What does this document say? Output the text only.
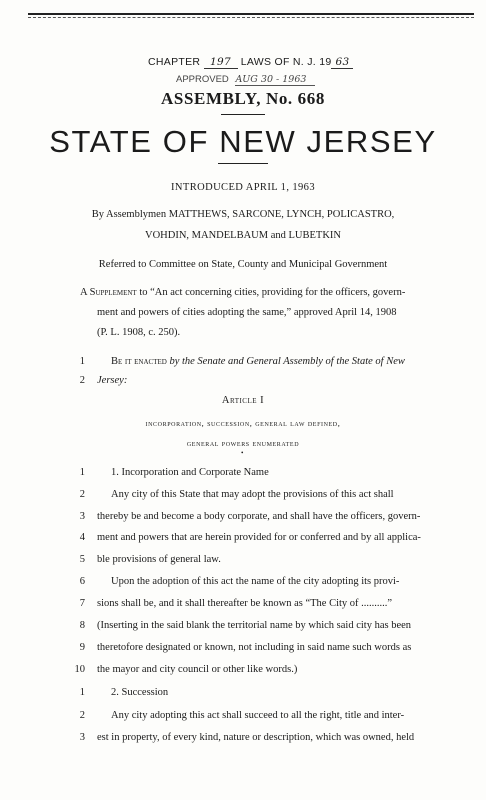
CHAPTER 197 LAWS OF N. J. 19 63
APPROVED AUG 30 - 1963
ASSEMBLY, No. 668
STATE OF NEW JERSEY
INTRODUCED APRIL 1, 1963
By Assemblymen MATTHEWS, SARCONE, LYNCH, POLICASTRO,
VOHDIN, MANDELBAUM and LUBETKIN
Referred to Committee on State, County and Municipal Government
A Supplement to “An act concerning cities, providing for the officers, govern-
ment and powers of cities adopting the same,” approved April 14, 1908
(P. L. 1908, c. 250).
1 Be it enacted by the Senate and General Assembly of the State of New
2 Jersey:
Article I
incorporation, succession, general law defined,
general powers enumerated
•
1 1. Incorporation and Corporate Name
2 Any city of this State that may adopt the provisions of this act shall
3 thereby be and become a body corporate, and shall have the officers, govern-
4 ment and powers that are herein provided for or conferred and by all applica-
5 ble provisions of general law.
6 Upon the adoption of this act the name of the city adopting its provi-
7 sions shall be, and it shall thereafter be known as “The City of ..........”
8 (Inserting in the said blank the territorial name by which said city has been
9 theretofore designated or known, not including in said name such words as
10 the mayor and city council or other like words.)
1 2. Succession
2 Any city adopting this act shall succeed to all the right, title and inter-
3 est in property, of every kind, nature or description, which was owned, held
